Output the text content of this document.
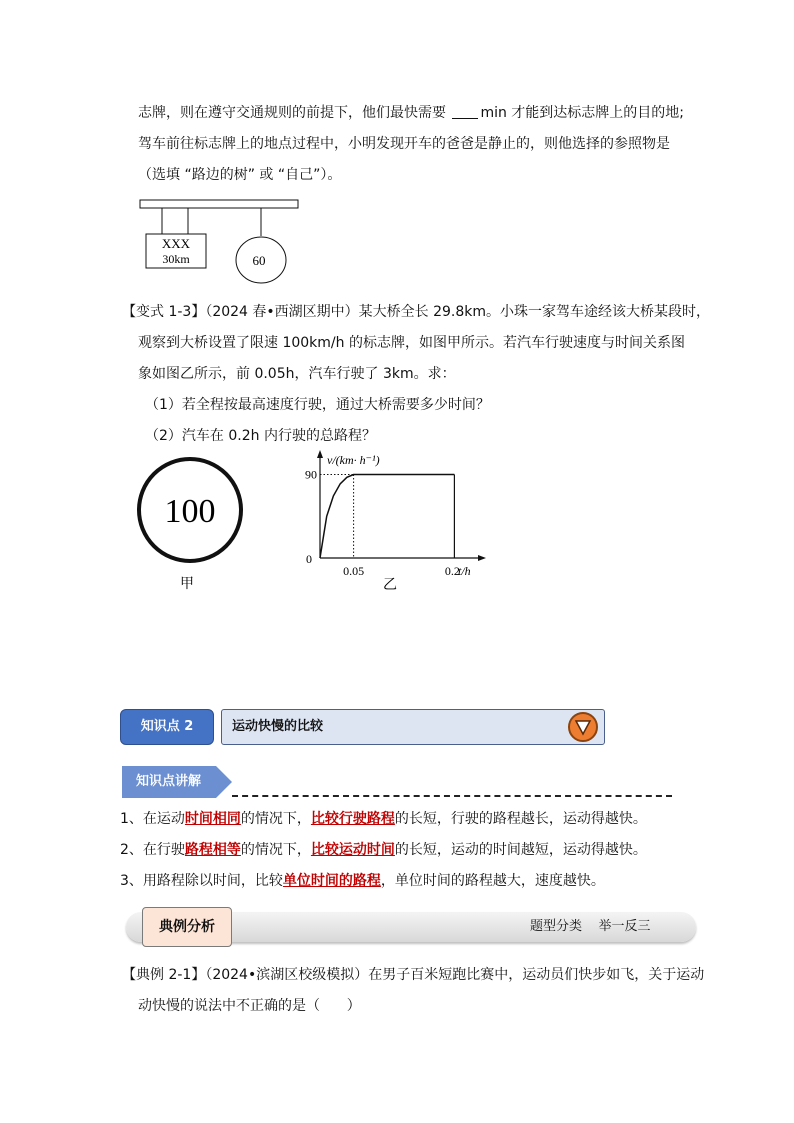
志牌，则在遵守交通规则的前提下，他们最快需要 min 才能到达标志牌上的目的地;
驾车前往标志牌上的地点过程中，小明发现开车的爸爸是静止的，则他选择的参照物是
（选填 “路边的树” 或 “自己”）。
XXX
30km	60
【变式 1-3】（2024 春•西湖区期中）某大桥全长 29.8km。小珠一家驾车途经该大桥某段时，
观察到大桥设置了限速 100km/h 的标志牌，如图甲所示。若汽车行驶速度与时间关系图
象如图乙所示，前 0.05h，汽车行驶了 3km。求：
（1）若全程按最高速度行驶，通过大桥需要多少时间？
（2）汽车在 0.2h 内行驶的总路程？
100
甲
v/(km· h⁻¹)
t/h
0
0.05	0.2
90
乙
知识点 2	运动快慢的比较
知识点讲解
1、在运动时间相同的情况下，比较行驶路程的长短，行驶的路程越长，运动得越快。
2、在行驶路程相等的情况下，比较运动时间的长短，运动的时间越短，运动得越快。
3、用路程除以时间，比较单位时间的路程，单位时间的路程越大，速度越快。
典例分析	题型分类    举一反三
【典例 2-1】（2024•滨湖区校级模拟）在男子百米短跑比赛中，运动员们快步如飞，关于运动
动快慢的说法中不正确的是（      ）
